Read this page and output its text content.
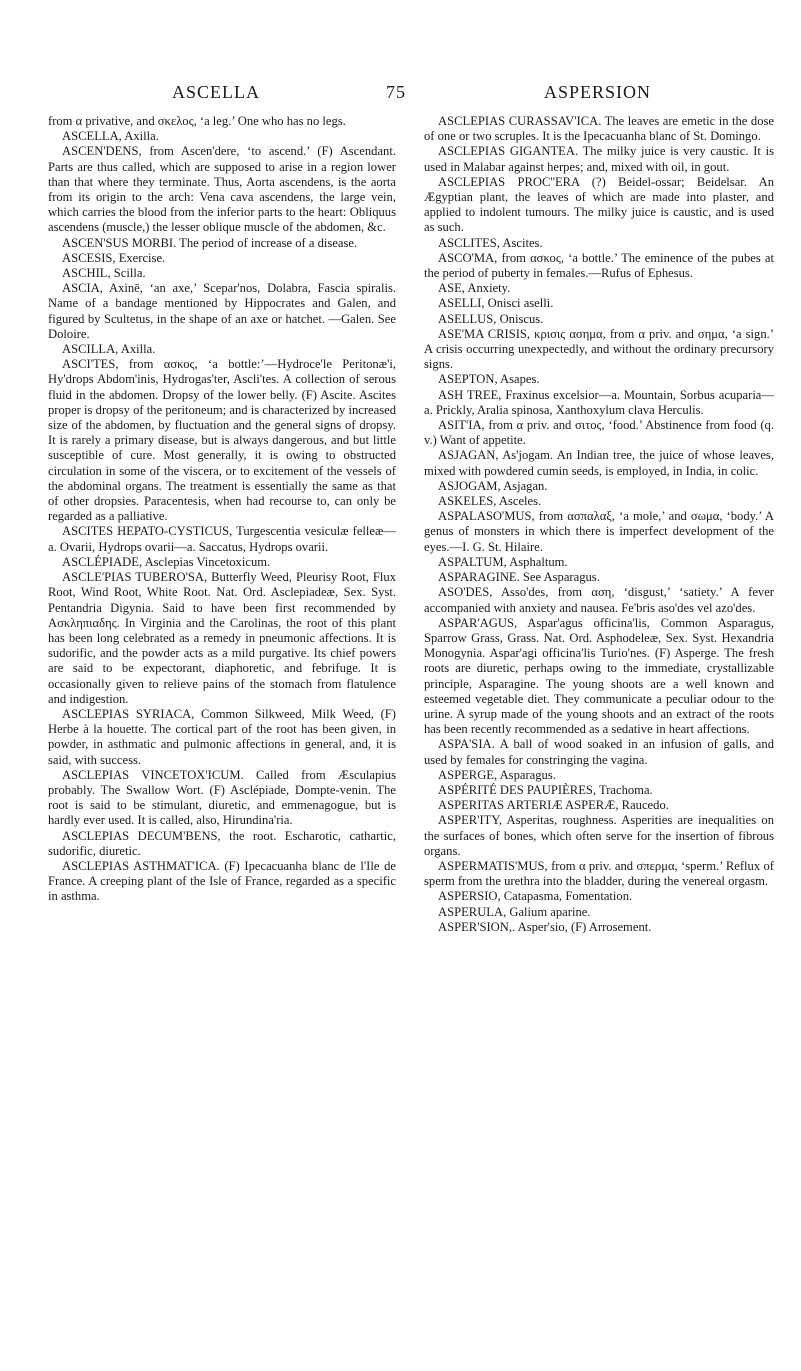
ASCELLA	75	ASPERSION

from α privative, and σκελος, ‘a leg.’ One who has no legs.

ASCELLA, Axilla.

ASCEN'DENS, from Ascen'dere, ‘to ascend.’ (F) Ascendant. Parts are thus called, which are supposed to arise in a region lower than that where they terminate. Thus, Aorta ascendens, is the aorta from its origin to the arch: Vena cava ascendens, the large vein, which carries the blood from the inferior parts to the heart: Obliquus ascendens (muscle,) the lesser oblique muscle of the abdomen, &c.

ASCEN'SUS MORBI. The period of increase of a disease.

ASCESIS, Exercise.

ASCHIL, Scilla.

ASCIA, Axinē, ‘an axe,’ Scepar'nos, Dolabra, Fascia spiralis. Name of a bandage mentioned by Hippocrates and Galen, and figured by Scultetus, in the shape of an axe or hatchet. —Galen. See Doloire.

ASCILLA, Axilla.

ASCI'TES, from ασκος, ‘a bottle:’—Hydroce'le Peritonæ'i, Hy'drops Abdom'inis, Hydrogas'ter, Ascli'tes. A collection of serous fluid in the abdomen. Dropsy of the lower belly. (F) Ascite. Ascites proper is dropsy of the peritoneum; and is characterized by increased size of the abdomen, by fluctuation and the general signs of dropsy. It is rarely a primary disease, but is always dangerous, and but little susceptible of cure. Most generally, it is owing to obstructed circulation in some of the viscera, or to excitement of the vessels of the abdominal organs. The treatment is essentially the same as that of other dropsies. Paracentesis, when had recourse to, can only be regarded as a palliative.

ASCITES HEPATO-CYSTICUS, Turgescentia vesiculæ felleæ—a. Ovarii, Hydrops ovarii—a. Saccatus, Hydrops ovarii.

ASCLÉPIADE, Asclepias Vincetoxicum.

ASCLE'PIAS TUBERO'SA, Butterfly Weed, Pleurisy Root, Flux Root, Wind Root, White Root. Nat. Ord. Asclepiadeæ, Sex. Syst. Pentandria Digynia. Said to have been first recommended by Ασκληπιαδης. In Virginia and the Carolinas, the root of this plant has been long celebrated as a remedy in pneumonic affections. It is sudorific, and the powder acts as a mild purgative. Its chief powers are said to be expectorant, diaphoretic, and febrifuge. It is occasionally given to relieve pains of the stomach from flatulence and indigestion.

ASCLEPIAS SYRIACA, Common Silkweed, Milk Weed, (F) Herbe à la houette. The cortical part of the root has been given, in powder, in asthmatic and pulmonic affections in general, and, it is said, with success.

ASCLEPIAS VINCETOX'ICUM. Called from Æsculapius probably. The Swallow Wort. (F) Asclépiade, Dompte-venin. The root is said to be stimulant, diuretic, and emmenagogue, but is hardly ever used. It is called, also, Hirundina'ria.

ASCLEPIAS DECUM'BENS, the root. Escharotic, cathartic, sudorific, diuretic.

ASCLEPIAS ASTHMAT'ICA. (F) Ipecacuanha blanc de l'Ile de France. A creeping plant of the Isle of France, regarded as a specific in asthma.

ASCLEPIAS CURASSAV'ICA. The leaves are emetic in the dose of one or two scruples. It is the Ipecacuanha blanc of St. Domingo.

ASCLEPIAS GIGANTEA. The milky juice is very caustic. It is used in Malabar against herpes; and, mixed with oil, in gout.

ASCLEPIAS PROC''ERA (?) Beidel-ossar; Beidelsar. An Ægyptian plant, the leaves of which are made into plaster, and applied to indolent tumours. The milky juice is caustic, and is used as such.

ASCLITES, Ascites.

ASCO'MA, from ασκος, ‘a bottle.’ The eminence of the pubes at the period of puberty in females.—Rufus of Ephesus.

ASE, Anxiety.

ASELLI, Onisci aselli.

ASELLUS, Oniscus.

ASE'MA CRISIS, κρισις ασημα, from α priv. and σημα, ‘a sign.’ A crisis occurring unexpectedly, and without the ordinary precursory signs.

ASEPTON, Asapes.

ASH TREE, Fraxinus excelsior—a. Mountain, Sorbus acuparia—a. Prickly, Aralia spinosa, Xanthoxylum clava Herculis.

ASIT'IA, from α priv. and σιτος, ‘food.’ Abstinence from food (q. v.) Want of appetite.

ASJAGAN, As'jogam. An Indian tree, the juice of whose leaves, mixed with powdered cumin seeds, is employed, in India, in colic.

ASJOGAM, Asjagan.

ASKELES, Asceles.

ASPALASO'MUS, from ασπαλαξ, ‘a mole,’ and σωμα, ‘body.’ A genus of monsters in which there is imperfect development of the eyes.—I. G. St. Hilaire.

ASPALTUM, Asphaltum.

ASPARAGINE. See Asparagus.

ASO'DES, Asso'des, from αση, ‘disgust,’ ‘satiety.’ A fever accompanied with anxiety and nausea. Fe'bris aso'des vel azo'des.

ASPAR'AGUS, Aspar'agus officina'lis, Common Asparagus, Sparrow Grass, Grass. Nat. Ord. Asphodeleæ, Sex. Syst. Hexandria Monogynia. Aspar'agi officina'lis Turio'nes. (F) Asperge. The fresh roots are diuretic, perhaps owing to the immediate, crystallizable principle, Asparagine. The young shoots are a well known and esteemed vegetable diet. They communicate a peculiar odour to the urine. A syrup made of the young shoots and an extract of the roots has been recently recommended as a sedative in heart affections.

ASPA'SIA. A ball of wood soaked in an infusion of galls, and used by females for constringing the vagina.

ASPERGE, Asparagus.

ASPÉRITÉ DES PAUPIÈRES, Trachoma.

ASPERITAS ARTERIÆ ASPERÆ, Raucedo.

ASPER'ITY, Asperitas, roughness. Asperities are inequalities on the surfaces of bones, which often serve for the insertion of fibrous organs.

ASPERMATIS'MUS, from α priv. and σπερμα, ‘sperm.’ Reflux of sperm from the urethra into the bladder, during the venereal orgasm.

ASPERSIO, Catapasma, Fomentation.

ASPERULA, Galium aparine.

ASPER'SION,. Asper'sio, (F) Arrosement.
